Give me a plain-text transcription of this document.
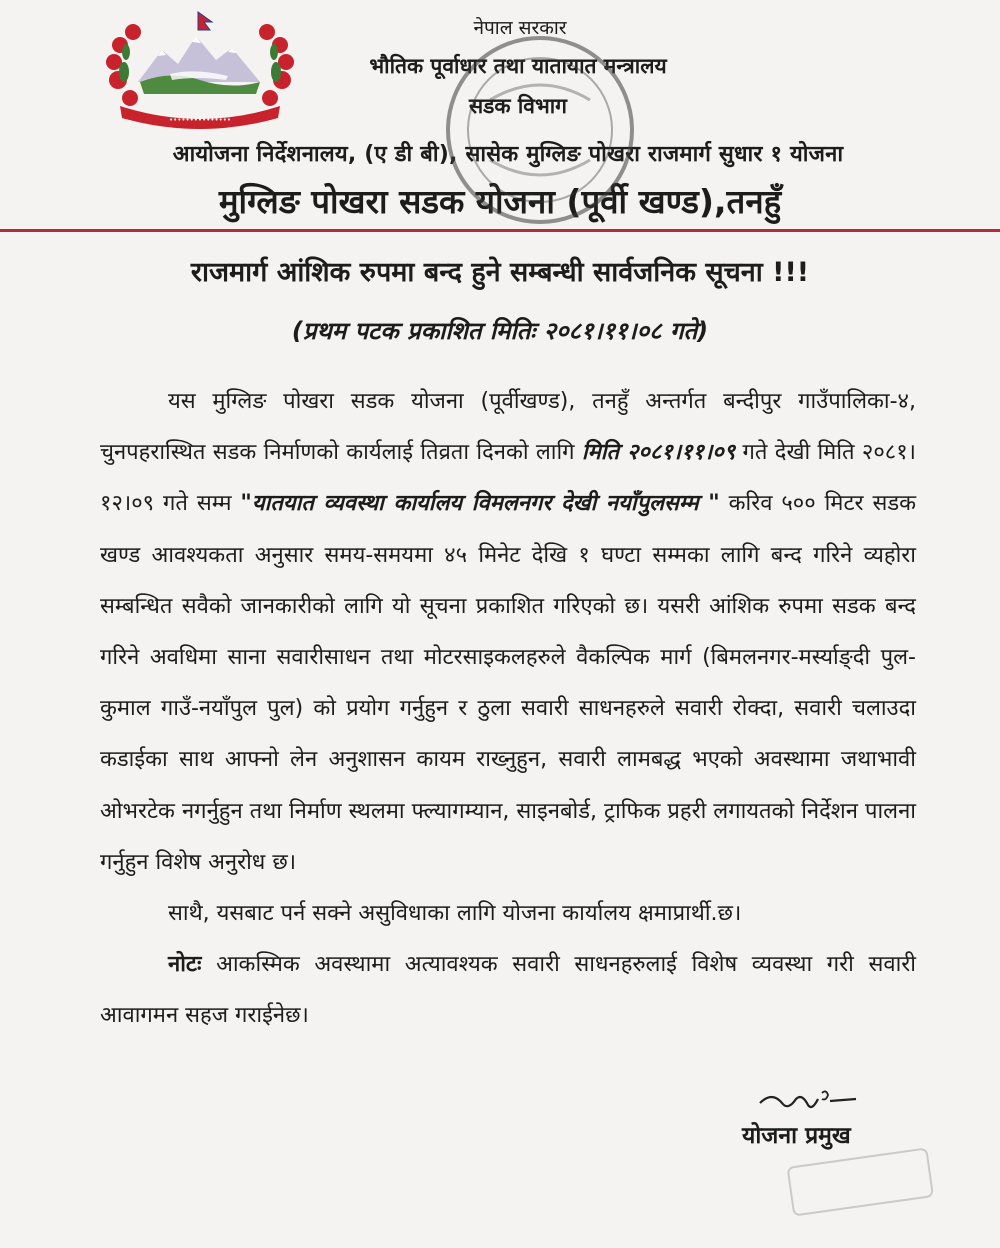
•••••••••••••••
नेपाल सरकार
भौतिक पूर्वाधार तथा यातायात मन्त्रालय
सडक विभाग
आयोजना निर्देशनालय, (ए डी बी), सासेक मुग्लिङ पोखरा राजमार्ग सुधार १ योजना
मुग्लिङ पोखरा सडक योजना (पूर्वी खण्ड),तनहुँ
राजमार्ग आंशिक रुपमा बन्द हुने सम्बन्धी सार्वजनिक सूचना !!!
(प्रथम पटक प्रकाशित मितिः २०८१।११।०८ गते)

यस मुग्लिङ पोखरा सडक योजना (पूर्वीखण्ड), तनहुँ अन्तर्गत बन्दीपुर गाउँपालिका-४, चुनपहरास्थित सडक निर्माणको कार्यलाई तिव्रता दिनको लागि मिति २०८१।११।०९ गते देखी मिति २०८१।१२।०९ गते सम्म "यातयात व्यवस्था कार्यालय विमलनगर देखी नयाँपुलसम्म " करिव ५०० मिटर सडक खण्ड आवश्यकता अनुसार समय-समयमा ४५ मिनेट देखि १ घण्टा सम्मका लागि बन्द गरिने व्यहोरा सम्बन्धित सवैको जानकारीको लागि यो सूचना प्रकाशित गरिएको छ। यसरी आंशिक रुपमा सडक बन्द गरिने अवधिमा साना सवारीसाधन तथा मोटरसाइकलहरुले वैकल्पिक मार्ग (बिमलनगर-मर्स्याङ्दी पुल-कुमाल गाउँ-नयाँपुल पुल) को प्रयोग गर्नुहुन र ठुला सवारी साधनहरुले सवारी रोक्दा, सवारी चलाउदा कडाईका साथ आफ्नो लेन अनुशासन कायम राख्नुहुन, सवारी लामबद्ध भएको अवस्थामा जथाभावी ओभरटेक नगर्नुहुन तथा निर्माण स्थलमा फ्ल्यागम्यान, साइनबोर्ड, ट्राफिक प्रहरी लगायतको निर्देशन पालना गर्नुहुन विशेष अनुरोध छ।

साथै, यसबाट पर्न सक्ने असुविधाका लागि योजना कार्यालय क्षमाप्रार्थी.छ।

नोटः आकस्मिक अवस्थामा अत्यावश्यक सवारी साधनहरुलाई विशेष व्यवस्था गरी सवारी आवागमन सहज गराईनेछ।

योजना प्रमुख
